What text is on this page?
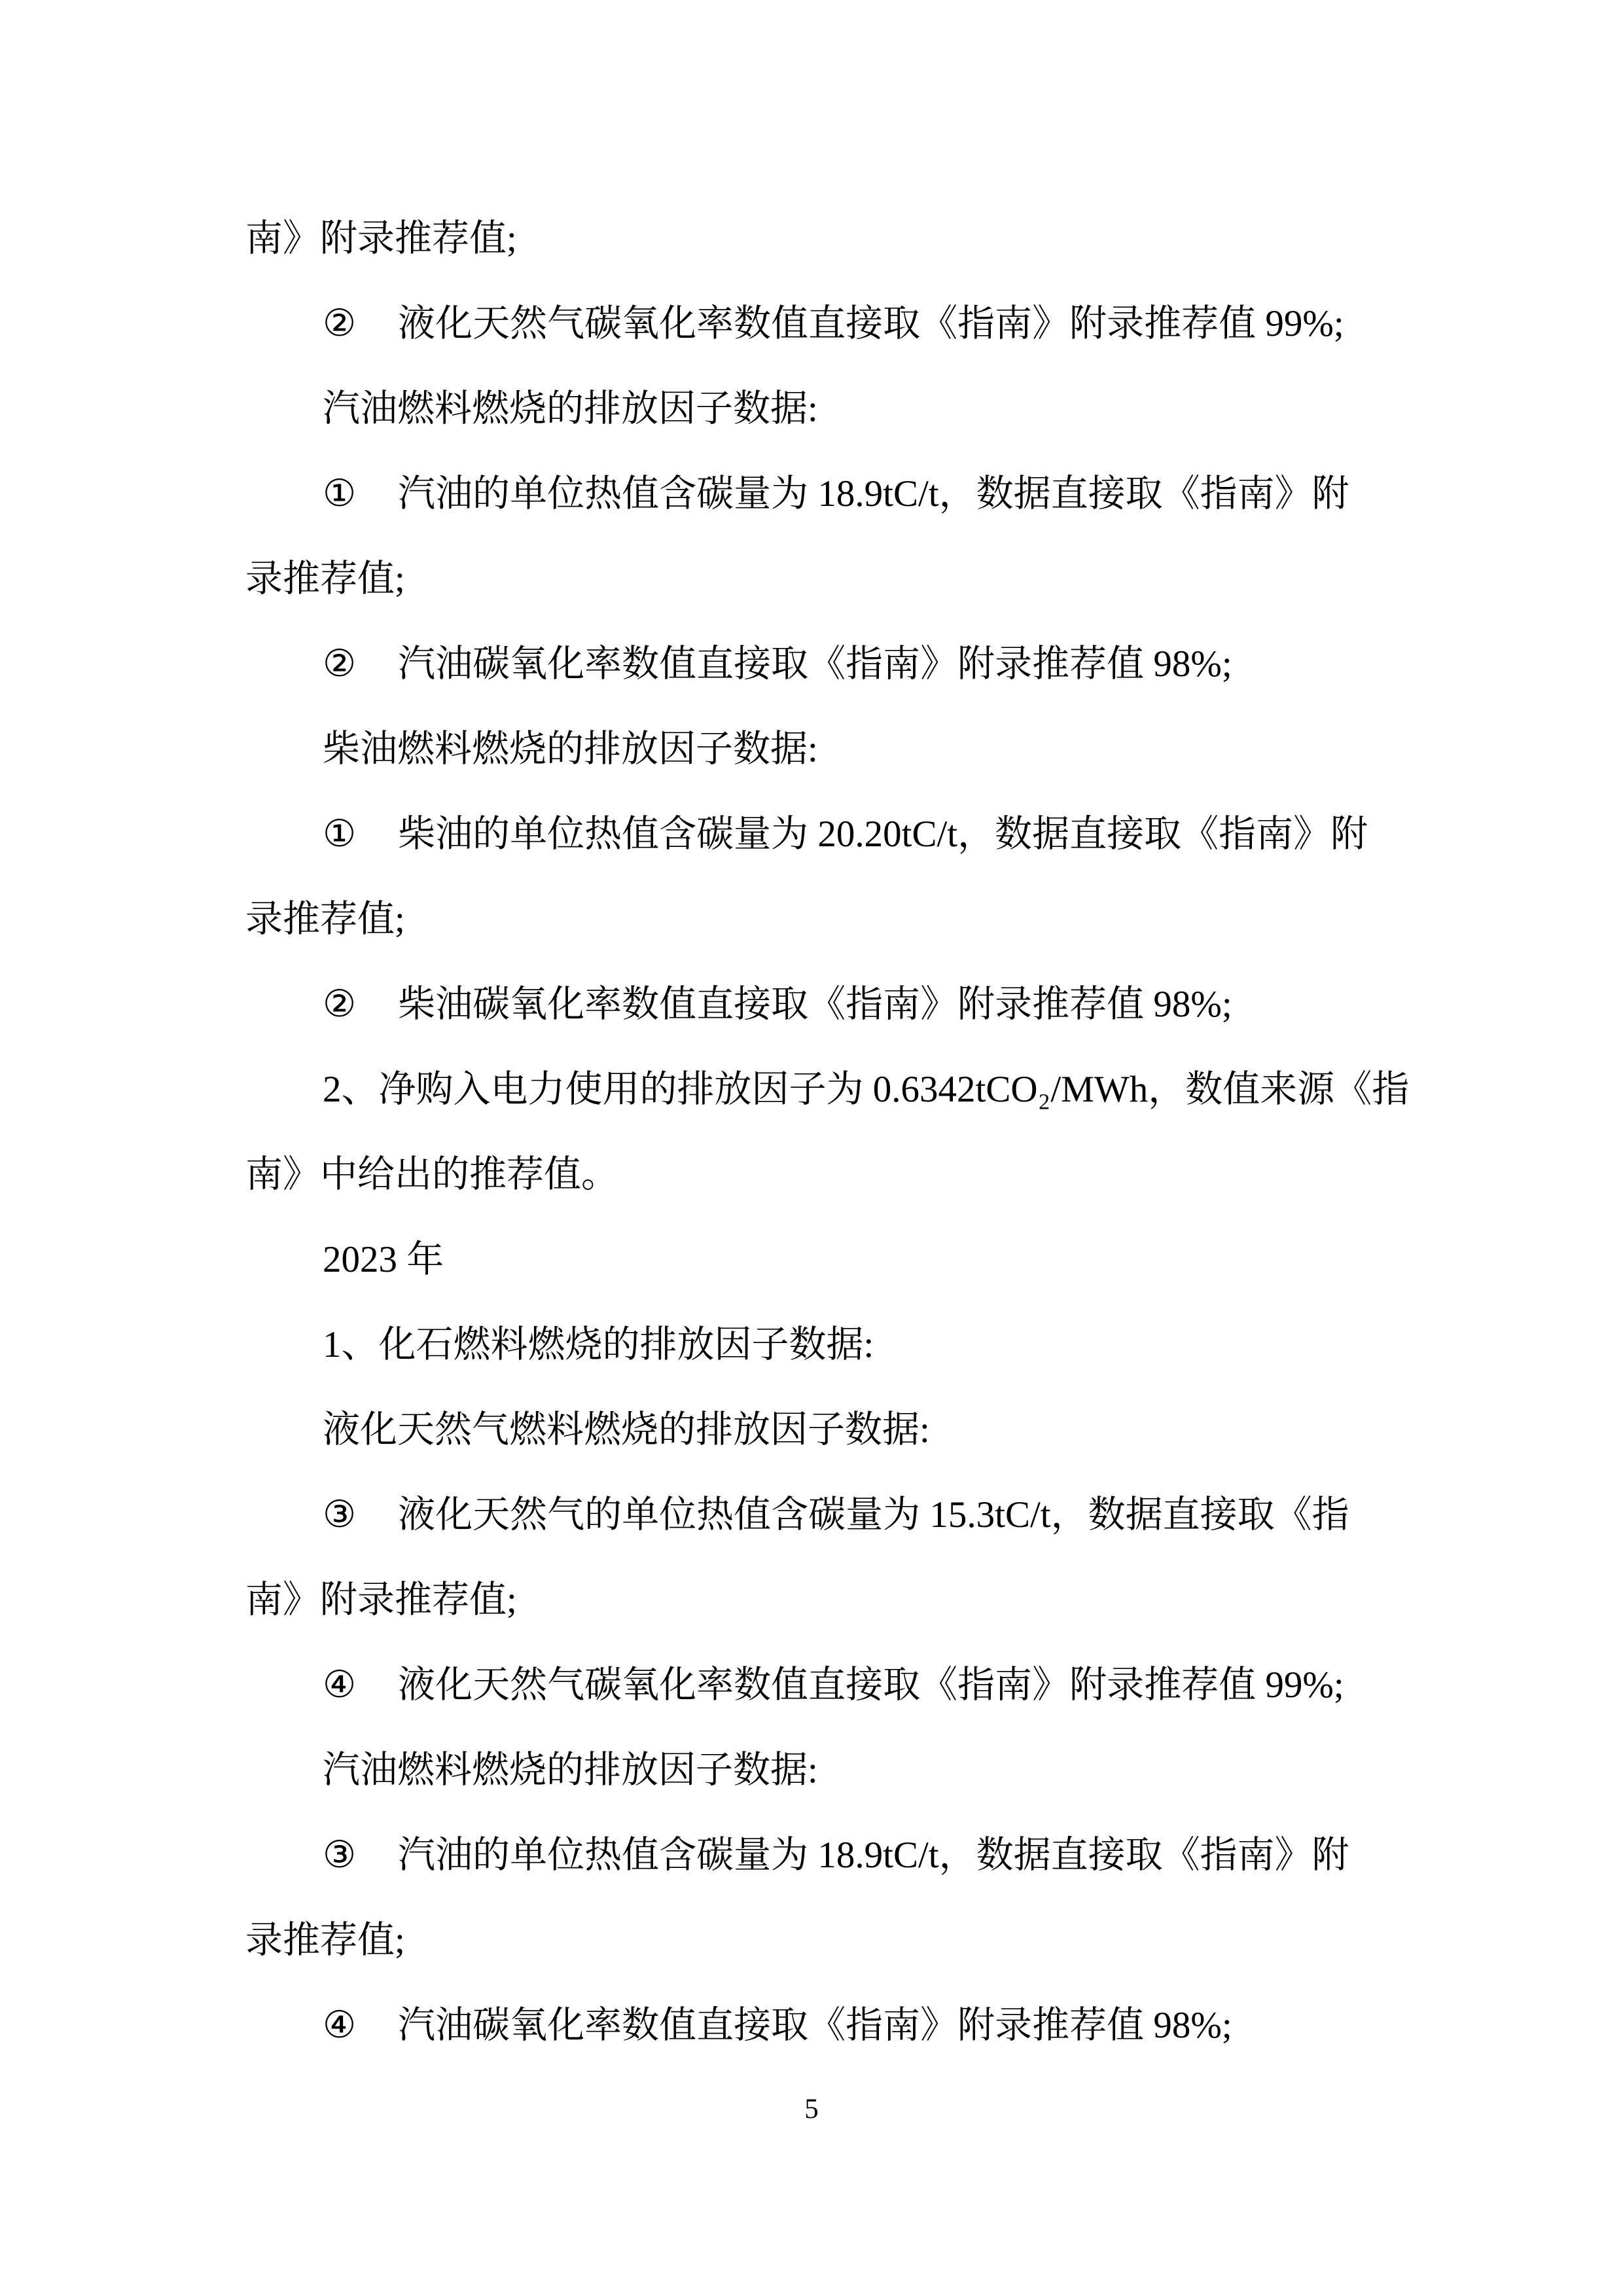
南》附录推荐值;
② 液化天然气碳氧化率数值直接取《指南》附录推荐值 99%;
汽油燃料燃烧的排放因子数据:
① 汽油的单位热值含碳量为 18.9tC/t，数据直接取《指南》附
录推荐值;
② 汽油碳氧化率数值直接取《指南》附录推荐值 98%;
柴油燃料燃烧的排放因子数据:
① 柴油的单位热值含碳量为 20.20tC/t，数据直接取《指南》附
录推荐值;
② 柴油碳氧化率数值直接取《指南》附录推荐值 98%;
2、净购入电力使用的排放因子为 0.6342tCO₂/MWh，数值来源《指
南》中给出的推荐值。
2023 年
1、化石燃料燃烧的排放因子数据:
液化天然气燃料燃烧的排放因子数据:
③ 液化天然气的单位热值含碳量为 15.3tC/t，数据直接取《指
南》附录推荐值;
④ 液化天然气碳氧化率数值直接取《指南》附录推荐值 99%;
汽油燃料燃烧的排放因子数据:
③ 汽油的单位热值含碳量为 18.9tC/t，数据直接取《指南》附
录推荐值;
④ 汽油碳氧化率数值直接取《指南》附录推荐值 98%;
5
